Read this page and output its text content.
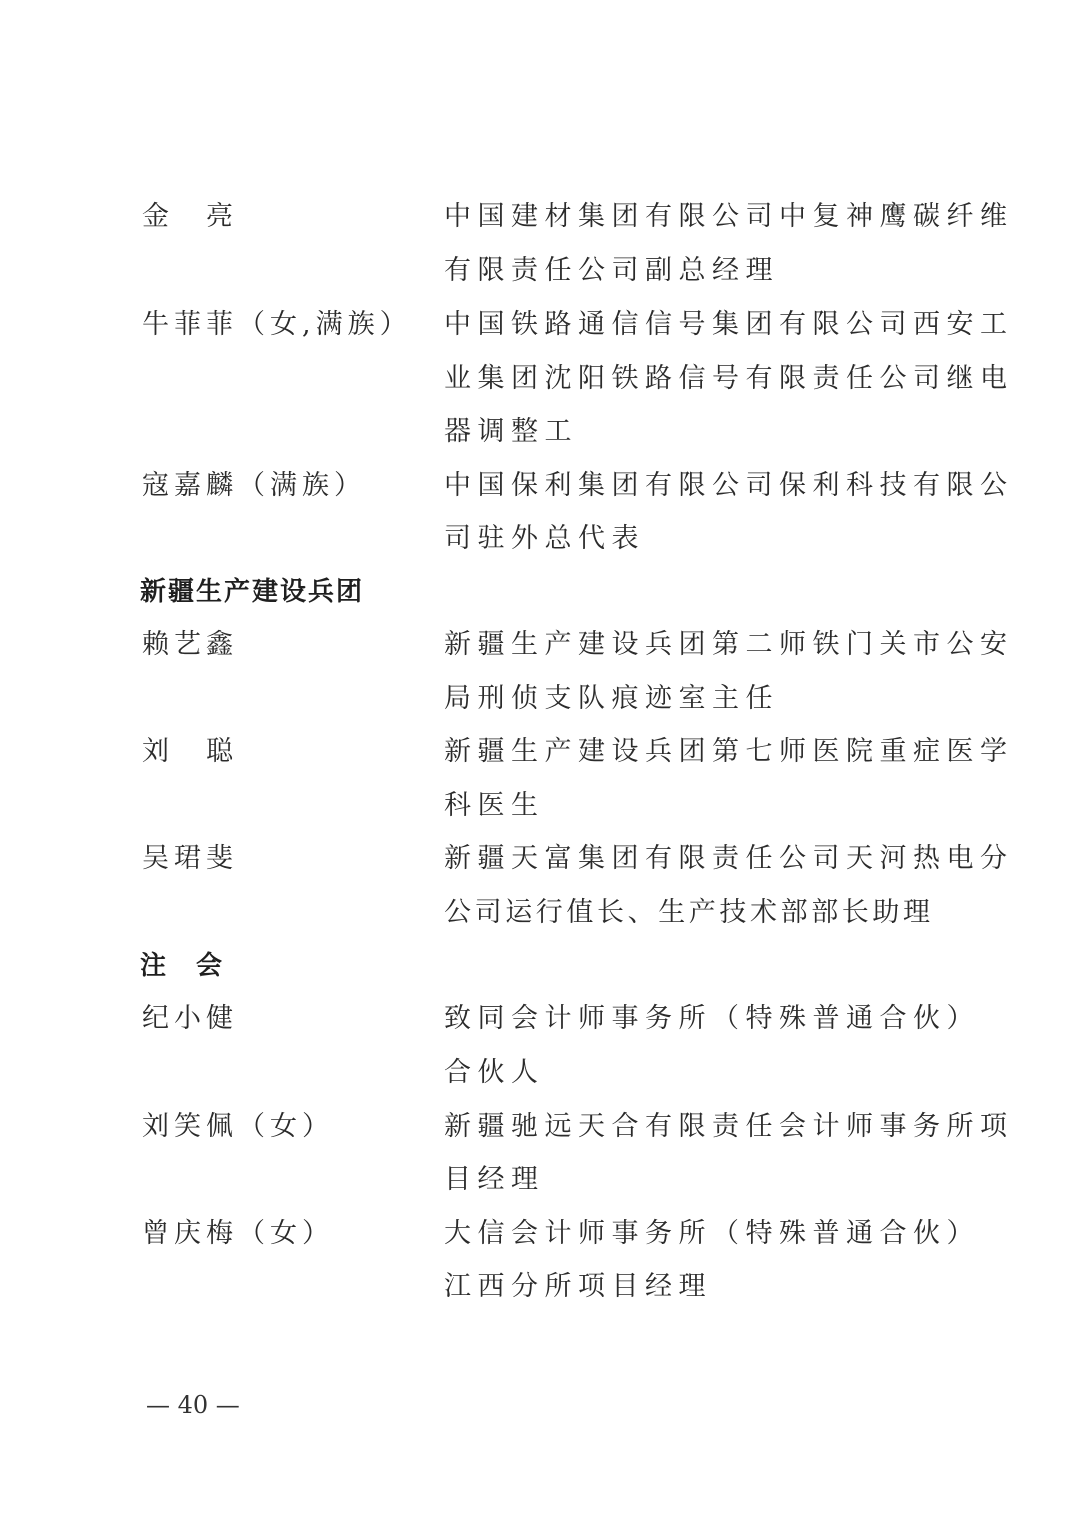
金　亮	中国建材集团有限公司中复神鹰碳纤维
有限责任公司副总经理
牛菲菲（女,满族） 中国铁路通信信号集团有限公司西安工
业集团沈阳铁路信号有限责任公司继电
器调整工
寇嘉麟（满族）	中国保利集团有限公司保利科技有限公
司驻外总代表
新疆生产建设兵团
赖艺鑫	新疆生产建设兵团第二师铁门关市公安
局刑侦支队痕迹室主任
刘　聪	新疆生产建设兵团第七师医院重症医学
科医生
吴珺斐	新疆天富集团有限责任公司天河热电分
公司运行值长、生产技术部部长助理
注　会
纪小健	致同会计师事务所（特殊普通合伙）
合伙人
刘笑佩（女）	新疆驰远天合有限责任会计师事务所项
目经理
曾庆梅（女）	大信会计师事务所（特殊普通合伙）
江西分所项目经理
— 40 —
